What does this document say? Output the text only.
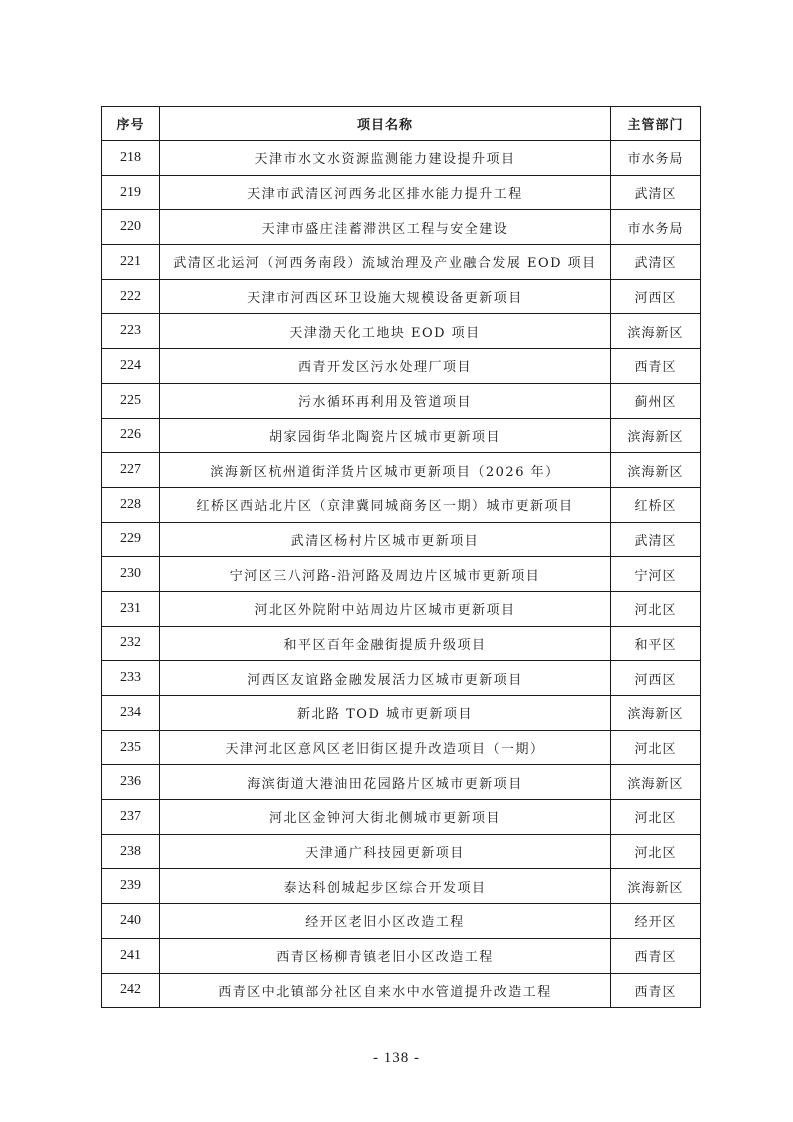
序号	项目名称	主管部门
218	天津市水文水资源监测能力建设提升项目	市水务局
219	天津市武清区河西务北区排水能力提升工程	武清区
220	天津市盛庄洼蓄滞洪区工程与安全建设	市水务局
221	武清区北运河（河西务南段）流域治理及产业融合发展 EOD 项目	武清区
222	天津市河西区环卫设施大规模设备更新项目	河西区
223	天津渤天化工地块 EOD 项目	滨海新区
224	西青开发区污水处理厂项目	西青区
225	污水循环再利用及管道项目	蓟州区
226	胡家园街华北陶瓷片区城市更新项目	滨海新区
227	滨海新区杭州道街洋货片区城市更新项目（2026 年）	滨海新区
228	红桥区西站北片区（京津冀同城商务区一期）城市更新项目	红桥区
229	武清区杨村片区城市更新项目	武清区
230	宁河区三八河路-沿河路及周边片区城市更新项目	宁河区
231	河北区外院附中站周边片区城市更新项目	河北区
232	和平区百年金融街提质升级项目	和平区
233	河西区友谊路金融发展活力区城市更新项目	河西区
234	新北路 TOD 城市更新项目	滨海新区
235	天津河北区意风区老旧街区提升改造项目（一期）	河北区
236	海滨街道大港油田花园路片区城市更新项目	滨海新区
237	河北区金钟河大街北侧城市更新项目	河北区
238	天津通广科技园更新项目	河北区
239	泰达科创城起步区综合开发项目	滨海新区
240	经开区老旧小区改造工程	经开区
241	西青区杨柳青镇老旧小区改造工程	西青区
242	西青区中北镇部分社区自来水中水管道提升改造工程	西青区
- 138 -
